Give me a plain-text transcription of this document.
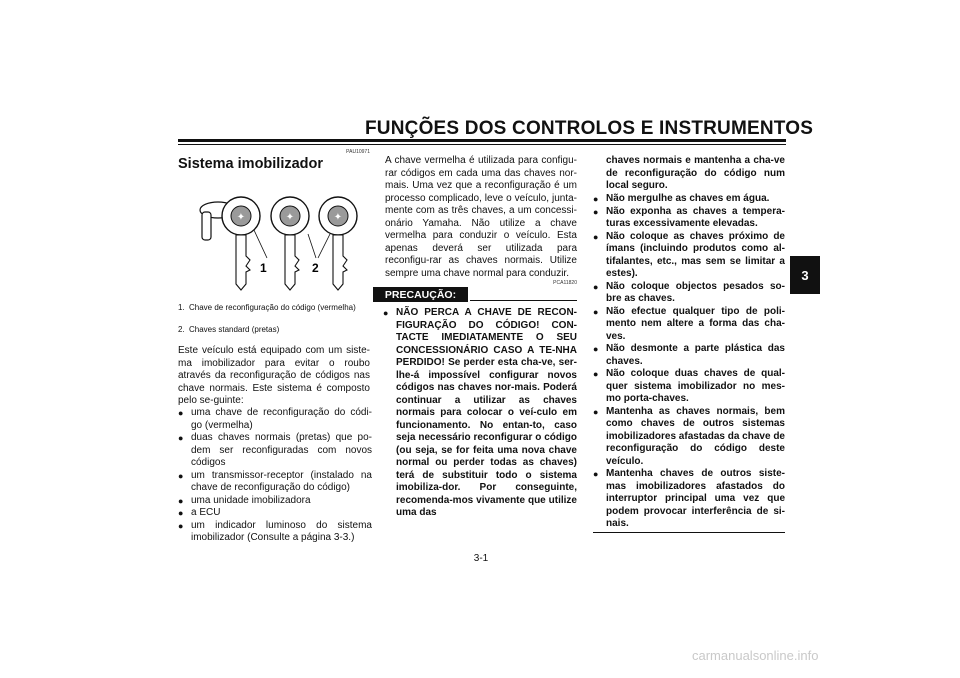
FUNÇÕES DOS CONTROLOS E INSTRUMENTOS
3
PAU10971
Sistema imobilizador
✦	✦	✦
1	2
1. Chave de reconfiguração do código (vermelha)
2. Chaves standard (pretas)
Este veículo está equipado com um siste-ma imobilizador para evitar o roubo através da reconfiguração de códigos nas chave normais. Este sistema é composto pelo se-guinte:
● uma chave de reconfiguração do códi-go (vermelha)
● duas chaves normais (pretas) que po-dem ser reconfiguradas com novos códigos
● um transmissor-receptor (instalado na chave de reconfiguração do código)
● uma unidade imobilizadora
● a ECU
● um indicador luminoso do sistema imobilizador (Consulte a página 3-3.)
A chave vermelha é utilizada para configu-rar códigos em cada uma das chaves nor-mais. Uma vez que a reconfiguração é um processo complicado, leve o veículo, junta-mente com as três chaves, a um concessi-onário Yamaha. Não utilize a chave vermelha para conduzir o veículo. Esta apenas deverá ser utilizada para reconfigu-rar as chaves normais. Utilize sempre uma chave normal para conduzir.
PCA11820
PRECAUÇÃO:
● NÃO PERCA A CHAVE DE RECON-FIGURAÇÃO DO CÓDIGO! CON-TACTE IMEDIATAMENTE O SEU CONCESSIONÁRIO CASO A TE-NHA PERDIDO! Se perder esta cha-ve, ser-lhe-á impossível configurar novos códigos nas chaves nor-mais. Poderá continuar a utilizar as chaves normais para colocar o veí-culo em funcionamento. No entan-to, caso seja necessário reconfigurar o código (ou seja, se for feita uma nova chave normal ou perder todas as chaves) terá de substituir todo o sistema imobiliza-dor. Por conseguinte, recomenda-mos vivamente que utilize uma das
chaves normais e mantenha a cha-ve de reconfiguração do código num local seguro.
● Não mergulhe as chaves em água.
● Não exponha as chaves a tempera-turas excessivamente elevadas.
● Não coloque as chaves próximo de ímans (incluindo produtos como al-tifalantes, etc., mas sem se limitar a estes).
● Não coloque objectos pesados so-bre as chaves.
● Não efectue qualquer tipo de poli-mento nem altere a forma das cha-ves.
● Não desmonte a parte plástica das chaves.
● Não coloque duas chaves de qual-quer sistema imobilizador no mes-mo porta-chaves.
● Mantenha as chaves normais, bem como chaves de outros sistemas imobilizadores afastadas da chave de reconfiguração do código deste veículo.
● Mantenha chaves de outros siste-mas imobilizadores afastados do interruptor principal uma vez que podem provocar interferência de si-nais.
3-1
carmanualsonline.info
